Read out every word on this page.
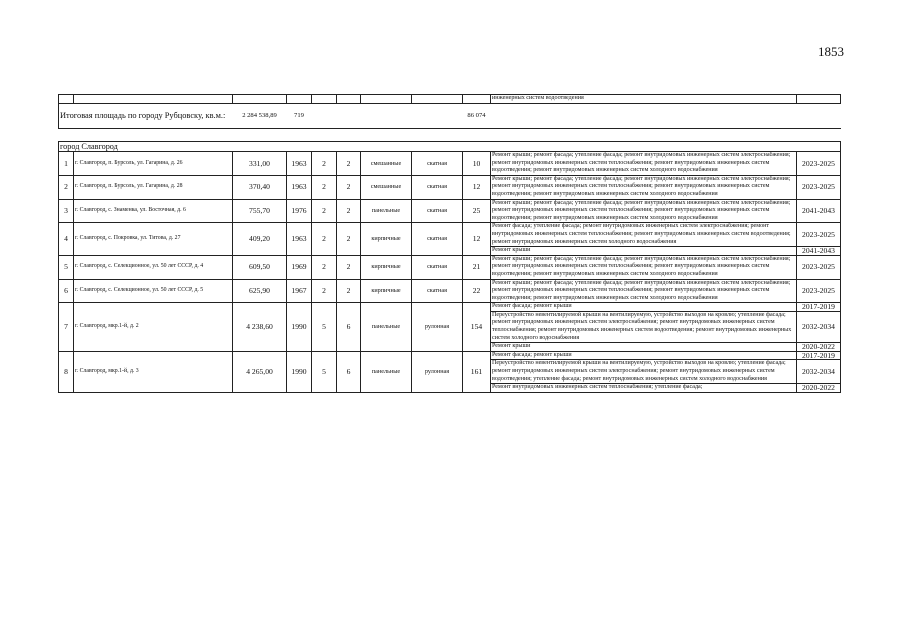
1853
									инженерных систем водоотведения	
Итоговая площадь по городу Рубцовску, кв.м.:		2 284 538,89	719					86 074		

город Славгород										
1	г. Славгород, п. Бурсоль, ул. Гагарина, д. 26	331,00	1963	2	2	смешанные	скатная	10	Ремонт крыши; ремонт фасада; утепление фасада; ремонт внутридомовых инженерных систем электроснабжения; ремонт внутридомовых инженерных систем теплоснабжения; ремонт внутридомовых инженерных систем водоотведения; ремонт внутридомовых инженерных систем холодного водоснабжения	2023-2025
2	г. Славгород, п. Бурсоль, ул. Гагарина, д. 28	370,40	1963	2	2	смешанные	скатная	12	Ремонт крыши; ремонт фасада; утепление фасада; ремонт внутридомовых инженерных систем электроснабжения; ремонт внутридомовых инженерных систем теплоснабжения; ремонт внутридомовых инженерных систем водоотведения; ремонт внутридомовых инженерных систем холодного водоснабжения	2023-2025
3	г. Славгород, с. Знаменка, ул. Восточная, д. 6	755,70	1976	2	2	панельные	скатная	25	Ремонт крыши; ремонт фасада; утепление фасада; ремонт внутридомовых инженерных систем электроснабжения; ремонт внутридомовых инженерных систем теплоснабжения; ремонт внутридомовых инженерных систем водоотведения; ремонт внутридомовых инженерных систем холодного водоснабжения	2041-2043
4	г. Славгород, с. Покровка, ул. Титова, д. 27	409,20	1963	2	2	кирпичные	скатная	12	Ремонт фасада; утепление фасада; ремонт внутридомовых инженерных систем электроснабжения; ремонт внутридомовых инженерных систем теплоснабжения; ремонт внутридомовых инженерных систем водоотведения; ремонт внутридомовых инженерных систем холодного водоснабжения	2023-2025
									Ремонт крыши	2041-2043
5	г. Славгород, с. Селекционное, ул. 50 лет СССР, д. 4	609,50	1969	2	2	кирпичные	скатная	21	Ремонт крыши; ремонт фасада; утепление фасада; ремонт внутридомовых инженерных систем электроснабжения; ремонт внутридомовых инженерных систем теплоснабжения; ремонт внутридомовых инженерных систем водоотведения; ремонт внутридомовых инженерных систем холодного водоснабжения	2023-2025
6	г. Славгород, с. Селекционное, ул. 50 лет СССР, д. 5	625,90	1967	2	2	кирпичные	скатная	22	Ремонт крыши; ремонт фасада; утепление фасада; ремонт внутридомовых инженерных систем электроснабжения; ремонт внутридомовых инженерных систем теплоснабжения; ремонт внутридомовых инженерных систем водоотведения; ремонт внутридомовых инженерных систем холодного водоснабжения	2023-2025
7	г. Славгород, мкр.1-й, д. 2	4 238,60	1990	5	6	панельные	рулонная	154	Ремонт фасада; ремонт крыши	2017-2019
									Переустройство невентилируемой крыши на вентилируемую, устройство выходов на кровлю; утепление фасада; ремонт внутридомовых инженерных систем электроснабжения; ремонт внутридомовых инженерных систем теплоснабжения; ремонт внутридомовых инженерных систем водоотведения; ремонт внутридомовых инженерных систем холодного водоснабжения	2032-2034
									Ремонт крыши	2020-2022
8	г. Славгород, мкр.1-й, д. 3	4 265,00	1990	5	6	панельные	рулонная	161	Ремонт фасада; ремонт крыши	2017-2019
									Переустройство невентилируемой крыши на вентилируемую, устройство выходов на кровлю; утепление фасада; ремонт внутридомовых инженерных систем электроснабжения; ремонт внутридомовых инженерных систем водоотведения; утепление фасада; ремонт внутридомовых инженерных систем холодного водоснабжения	2032-2034
									Ремонт внутридомовых инженерных систем теплоснабжения; утепление фасада;	2020-2022
